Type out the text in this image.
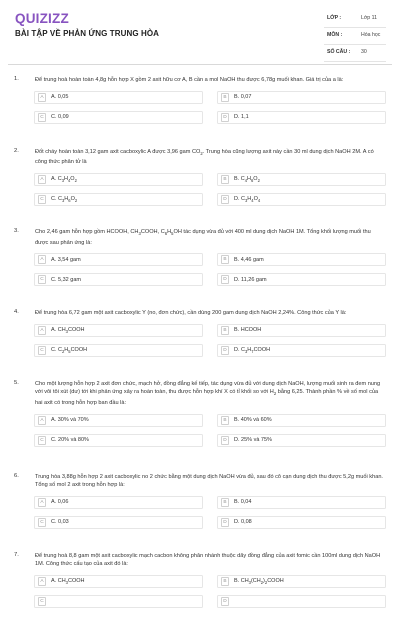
QUIZIZZ
BÀI TẬP VỀ PHẢN ỨNG TRUNG HÒA
LỚP :	Lớp 11
MÔN :	Hóa học
SỐ CÂU : 30
1.	Để trung hoà hoàn toàn 4,8g hỗn hợp X gồm 2 axit hữu cơ A, B cần a mol NaOH thu được 6,78g muối khan. Giá trị của a là:
A	A. 0,05	B	B. 0,07
C	C. 0,09	D	D. 1,1
2.	Đốt cháy hoàn toàn 3,12 gam axit cacboxylic A được 3,96 gam $CO_2$. Trung hòa cũng lượng axit này cần 30 ml dung dịch NaOH 2M. A có công thức phân tử là
A	A. $C_3H_4O_2$	B	B. $C_4H_6O_2$
C	C. $C_3H_6O_2$	D	D. $C_3H_4O_4$
3.	Cho 2,46 gam hỗn hợp gồm HCOOH, $CH_3COOH$, $C_6H_5OH$ tác dụng vừa đủ với 400 ml dung dịch NaOH 1M. Tổng khối lượng muối thu được sau phản ứng là:
A	A. 3,54 gam	B	B. 4,46 gam
C	C. 5,32 gam	D	D. 11,26 gam
4.	Để trung hòa 6,72 gam một axit cacboxylic Y (no, đơn chức), cần dùng 200 gam dung dịch NaOH 2,24%. Công thức của Y là:
A	A. $CH_3COOH$	B	B. HCOOH
C	C. $C_2H_5COOH$	D	D. $C_3H_7COOH$
5.	Cho một lượng hỗn hợp 2 axit đơn chức, mạch hở, đồng đẳng kế tiếp, tác dụng vừa đủ với dung dịch NaOH, lượng muối sinh ra đem nung với vôi tôi xút (dư) tới khi phản ứng xảy ra hoàn toàn, thu được hỗn hợp khí X có tỉ khối so với $H_2$ bằng 6,25. Thành phần % về số mol của hai axit có trong hỗn hợp ban đầu là:
A	A. 30% và 70%	B	B. 40% và 60%
C	C. 20% và 80%	D	D. 25% và 75%
6.	Trung hòa 3,88g hỗn hợp 2 axit cacboxylic no 2 chức bằng một dung dịch NaOH vừa đủ, sau đó cô cạn dung dịch thu được 5,2g muối khan. Tổng số mol 2 axit trong hỗn hợp là:
A	A. 0,06	B	B. 0,04
C	C. 0,03	D	D. 0,08
7.	Để trung hoà 8,8 gam một axit cacboxylic mạch cacbon không phân nhánh thuộc dãy đồng đẳng của axit fomic cần 100ml dung dịch NaOH 1M. Công thức cấu tạo của axit đó là:
A	A. $CH_3COOH$	B	B. $CH_3(CH_2)_2COOH$
C	D
